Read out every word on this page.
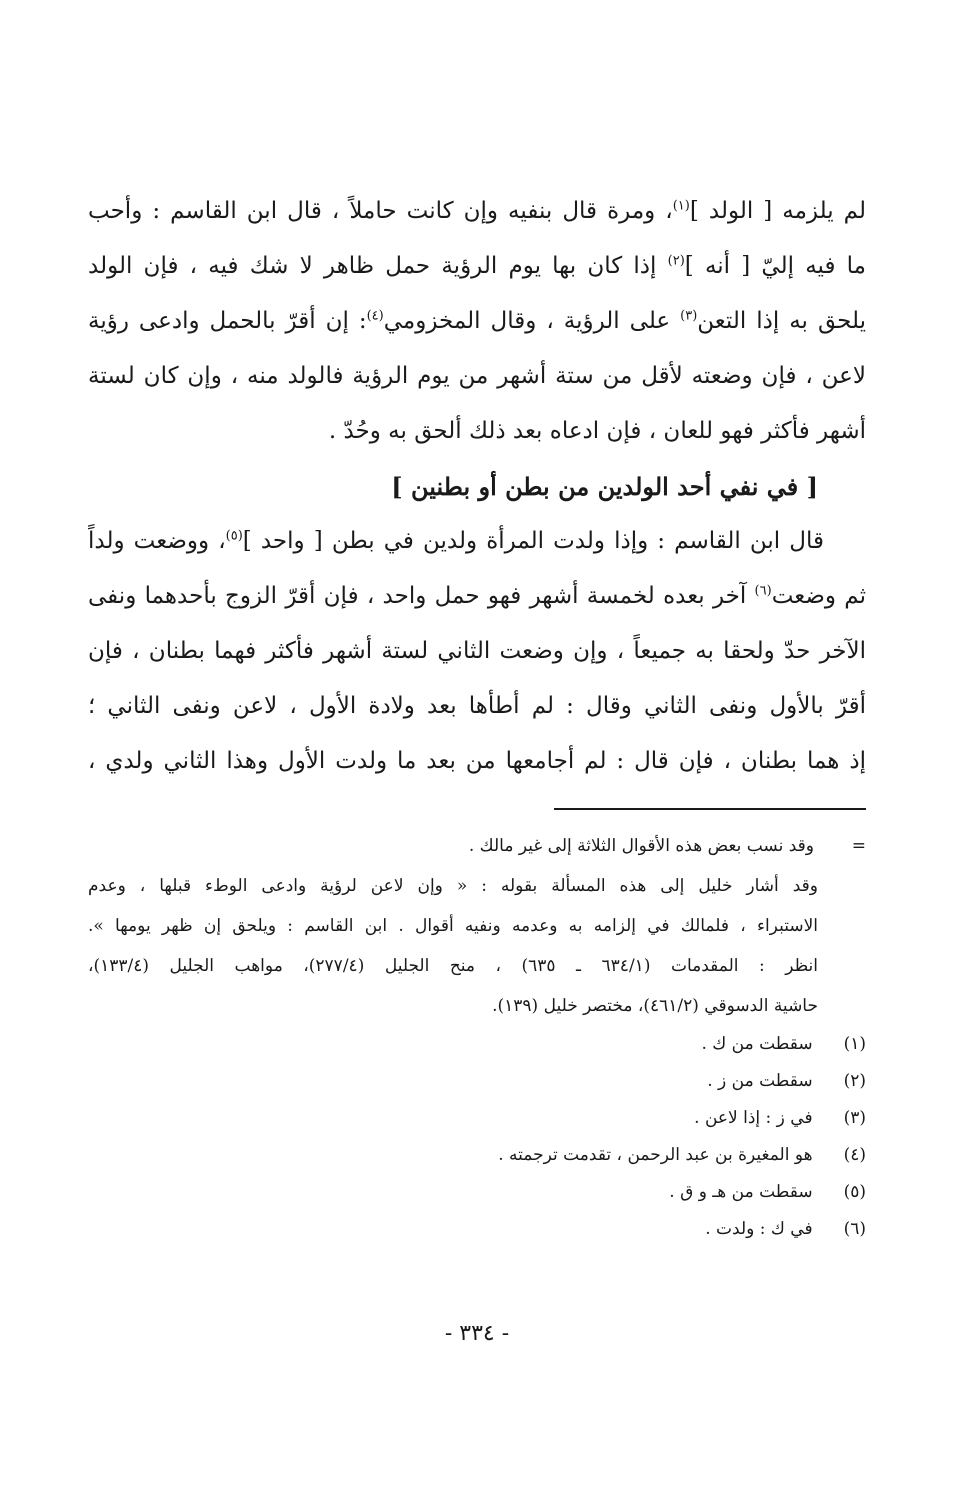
لم يلزمه [ الولد ]$^{(١)}$، ومرة قال بنفيه وإن كانت حاملاً ، قال ابن القاسم : وأحب
ما فيه إليّ [ أنه ]$^{(٢)}$ إذا كان بها يوم الرؤية حمل ظاهر لا شك فيه ، فإن الولد
يلحق به إذا التعن$^{(٣)}$ على الرؤية ، وقال المخزومي$^{(٤)}$: إن أقرّ بالحمل وادعى رؤية
لاعن ، فإن وضعته لأقل من ستة أشهر من يوم الرؤية فالولد منه ، وإن كان لستة
أشهر فأكثر فهو للعان ، فإن ادعاه بعد ذلك ألحق به وحُدّ .
[ في نفي أحد الولدين من بطن أو بطنين ]
قال ابن القاسم : وإذا ولدت المرأة ولدين في بطن [ واحد ]$^{(٥)}$، ووضعت ولداً
ثم وضعت$^{(٦)}$ آخر بعده لخمسة أشهر فهو حمل واحد ، فإن أقرّ الزوج بأحدهما ونفى
الآخر حدّ ولحقا به جميعاً ، وإن وضعت الثاني لستة أشهر فأكثر فهما بطنان ، فإن
أقرّ بالأول ونفى الثاني وقال : لم أطأها بعد ولادة الأول ، لاعن ونفى الثاني ؛
إذ هما بطنان ، فإن قال : لم أجامعها من بعد ما ولدت الأول وهذا الثاني ولدي ،
=وقد نسب بعض هذه الأقوال الثلاثة إلى غير مالك .
وقد أشار خليل إلى هذه المسألة بقوله : « وإن لاعن لرؤية وادعى الوطء قبلها ، وعدم
الاستبراء ، فلمالك في إلزامه به وعدمه ونفيه أقوال . ابن القاسم : ويلحق إن ظهر يومها ».
انظر : المقدمات (٦٣٤/١ ـ ٦٣٥) ، منح الجليل (٢٧٧/٤)، مواهب الجليل (١٣٣/٤)،
حاشية الدسوقي (٤٦١/٢)، مختصر خليل (١٣٩).
(١) سقطت من ك .
(٢) سقطت من ز .
(٣) في ز : إذا لاعن .
(٤) هو المغيرة بن عبد الرحمن ، تقدمت ترجمته .
(٥) سقطت من هـ و ق .
(٦) في ك : ولدت .
- ٣٣٤ -
